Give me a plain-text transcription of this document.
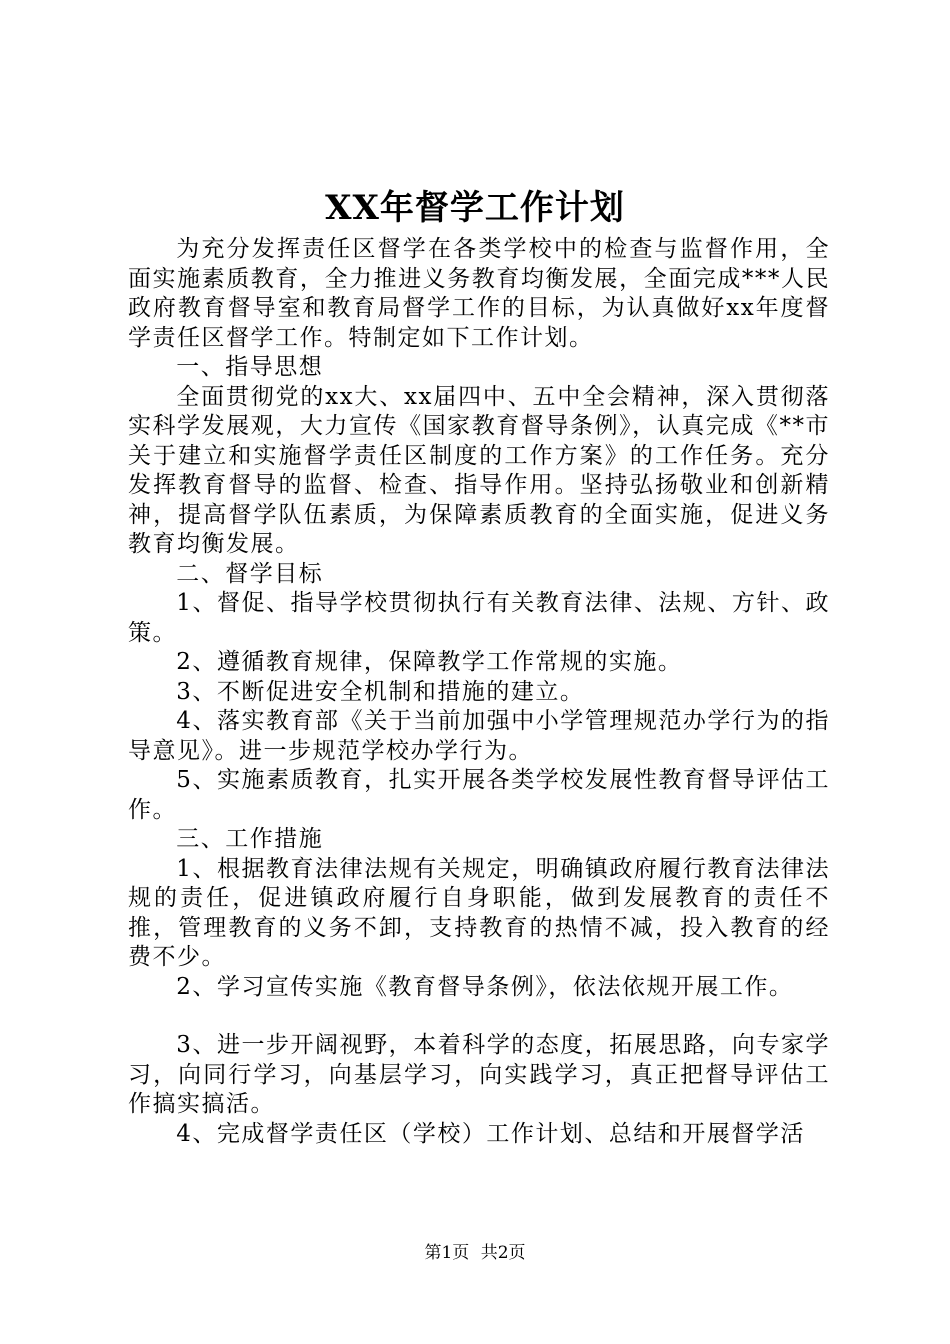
XX年督学工作计划

为充分发挥责任区督学在各类学校中的检查与监督作用，全面实施素质教育，全力推进义务教育均衡发展，全面完成***人民政府教育督导室和教育局督学工作的目标，为认真做好xx年度督学责任区督学工作。特制定如下工作计划。

一、指导思想

全面贯彻党的xx大、xx届四中、五中全会精神，深入贯彻落实科学发展观，大力宣传《国家教育督导条例》，认真完成《**市关于建立和实施督学责任区制度的工作方案》的工作任务。充分发挥教育督导的监督、检查、指导作用。坚持弘扬敬业和创新精神，提高督学队伍素质，为保障素质教育的全面实施，促进义务教育均衡发展。

二、督学目标

1、督促、指导学校贯彻执行有关教育法律、法规、方针、政策。

2、遵循教育规律，保障教学工作常规的实施。

3、不断促进安全机制和措施的建立。

4、落实教育部《关于当前加强中小学管理规范办学行为的指导意见》。进一步规范学校办学行为。

5、实施素质教育，扎实开展各类学校发展性教育督导评估工作。

三、工作措施

1、根据教育法律法规有关规定，明确镇政府履行教育法律法规的责任，促进镇政府履行自身职能，做到发展教育的责任不推，管理教育的义务不卸，支持教育的热情不减，投入教育的经费不少。

2、学习宣传实施《教育督导条例》，依法依规开展工作。

3、进一步开阔视野，本着科学的态度，拓展思路，向专家学习，向同行学习，向基层学习，向实践学习，真正把督导评估工作搞实搞活。

4、完成督学责任区（学校）工作计划、总结和开展督学活

第1页 共2页
